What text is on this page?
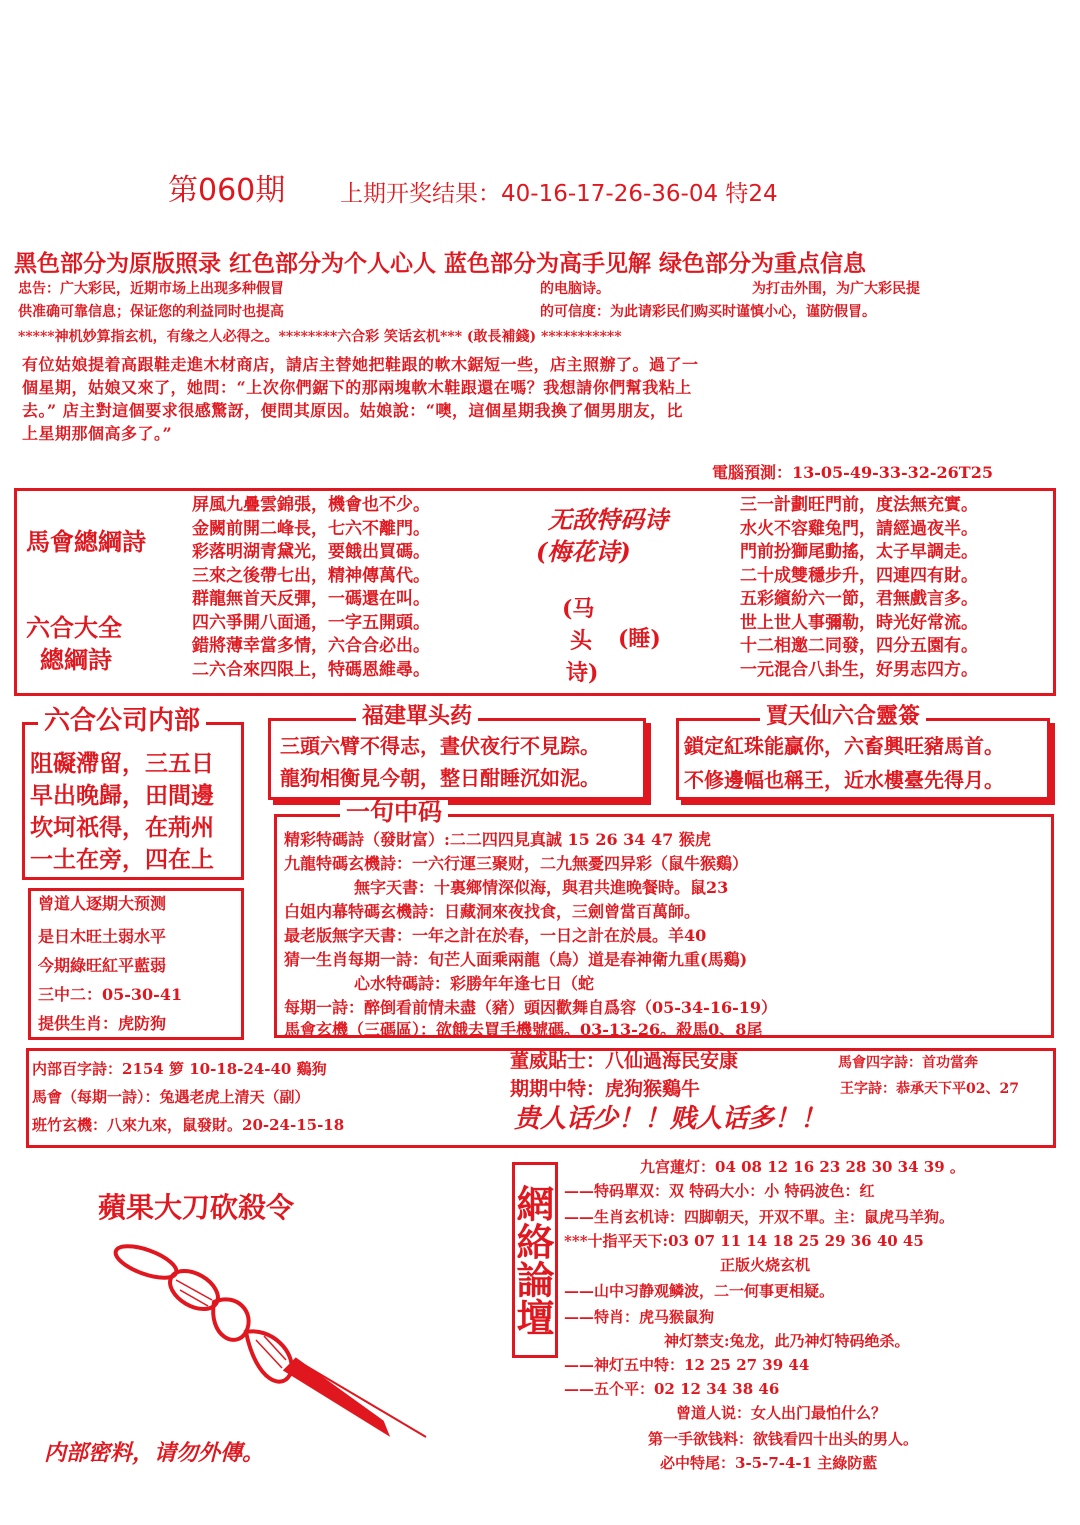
第060期 上期开奖结果：40-16-17-26-36-04 特24
黑色部分为原版照录 红色部分为个人心人 蓝色部分为高手见解 绿色部分为重点信息
忠告：广大彩民，近期市场上出现多种假冒
供准确可靠信息；保证您的利益同时也提高
的电脑诗。	为打击外围，为广大彩民提
的可信度：为此请彩民们购买时谨慎小心，谨防假冒。
*****神机妙算指玄机，有缘之人必得之。********六合彩 笑话玄机*** (敢長補錢) ***********
有位姑娘提着高跟鞋走進木材商店，請店主替她把鞋跟的軟木鋸短一些，店主照辦了。過了一
個星期，姑娘又來了，她問：“上次你們鋸下的那兩塊軟木鞋跟還在嗎？我想請你們幫我粘上
去。” 店主對這個要求很感驚訝，便問其原因。姑娘說：“噢，這個星期我換了個男朋友，比
上星期那個高多了。”
電腦預測：13-05-49-33-32-26T25
馬會總綱詩
六合大全
總綱詩
屏風九疊雲錦張，機會也不少。
金闕前開二峰長，七六不離門。
彩落明湖青黛光，要餓出買碼。
三來之後帶七出，精神傳萬代。
群龍無首天反彈，一碼還在叫。
四六爭開八面通，一字五開頭。
錯將薄幸當多情，六合合必出。
二六合來四限上，特碼恩維尋。
无敌特码诗
(梅花诗)
(马
头 (睡)
诗)
三一計劃旺門前，度法無充實。
水火不容雞兔門，請經過夜半。
門前扮獅尾動搖，太子早調走。
二十成雙穩步升，四連四有財。
五彩繽紛六一節，君無戲言多。
世上世人事彌勒，時光好常流。
十二相邀二同發，四分五園有。
一元混合八卦生，好男志四方。
六合公司内部
阻礙滯留，三五日
早出晚歸，田間邊
坎坷祇得，在荊州
一土在旁，四在上
福建單头药
三頭六臂不得志，晝伏夜行不見踪。
龍狗相衡見今朝，整日酣睡沉如泥。
賈天仙六合靈簽
鎖定紅珠能贏你，六畜興旺豬馬首。
不修邊幅也稱王，近水樓臺先得月。
一句中码
精彩特碼詩（發財富）:二二四四見真誠 15 26 34 47 猴虎
九龍特碼玄機詩：一六行運三聚财，二九無憂四异彩（鼠牛猴鷄）
無字天書：十裏鄉情深似海，與君共進晚餐時。鼠23
白姐内幕特碼玄機詩：日藏洞來夜找食，三劍曾當百萬師。
最老版無字天書：一年之計在於春，一日之計在於晨。羊40
猜一生肖每期一詩：旬芒人面乘兩龍（鳥）道是春神衛九重(馬鷄)
心水特碼詩：彩勝年年逢七日（蛇
每期一詩：醉倒看前情未盡（豬）頭因歡舞自爲容（05-34-16-19）
馬會玄機（三碼區）：欲餓去買手機號碼。03-13-26。殺馬0、8尾
曾道人逐期大预测
是日木旺土弱水平
今期綠旺紅平藍弱
三中二：05-30-41
提供生肖：虎防狗
内部百字詩：2154 箩 10-18-24-40 鷄狗
馬會（每期一詩）：兔遇老虎上清天（副）
班竹玄機：八來九來，鼠發財。20-24-15-18
董威貼士：八仙過海民安康	馬會四字詩：首功當奔
期期中特：虎狗猴鷄牛	王字詩：恭承天下平02、27
贵人话少！！贱人话多！！
網絡論壇
九宫蓮灯：04 08 12 16 23 28 30 34 39 。
——特码單双：双 特码大小：小 特码波色：红
——生肖玄机诗：四脚朝天，开双不單。主：鼠虎马羊狗。
***十指平天下:03 07 11 14 18 25 29 36 40 45
正版火烧玄机
——山中习静观鳞波，二一何事更相疑。
——特肖：虎马猴鼠狗
神灯禁支:兔龙，此乃神灯特码绝杀。
——神灯五中特：12 25 27 39 44
——五个平：02 12 34 38 46
曾道人说：女人出门最怕什么？
第一手欲钱料：欲钱看四十出头的男人。
必中特尾：3-5-7-4-1 主綠防藍
蘋果大刀砍殺令
内部密料，请勿外傳。
